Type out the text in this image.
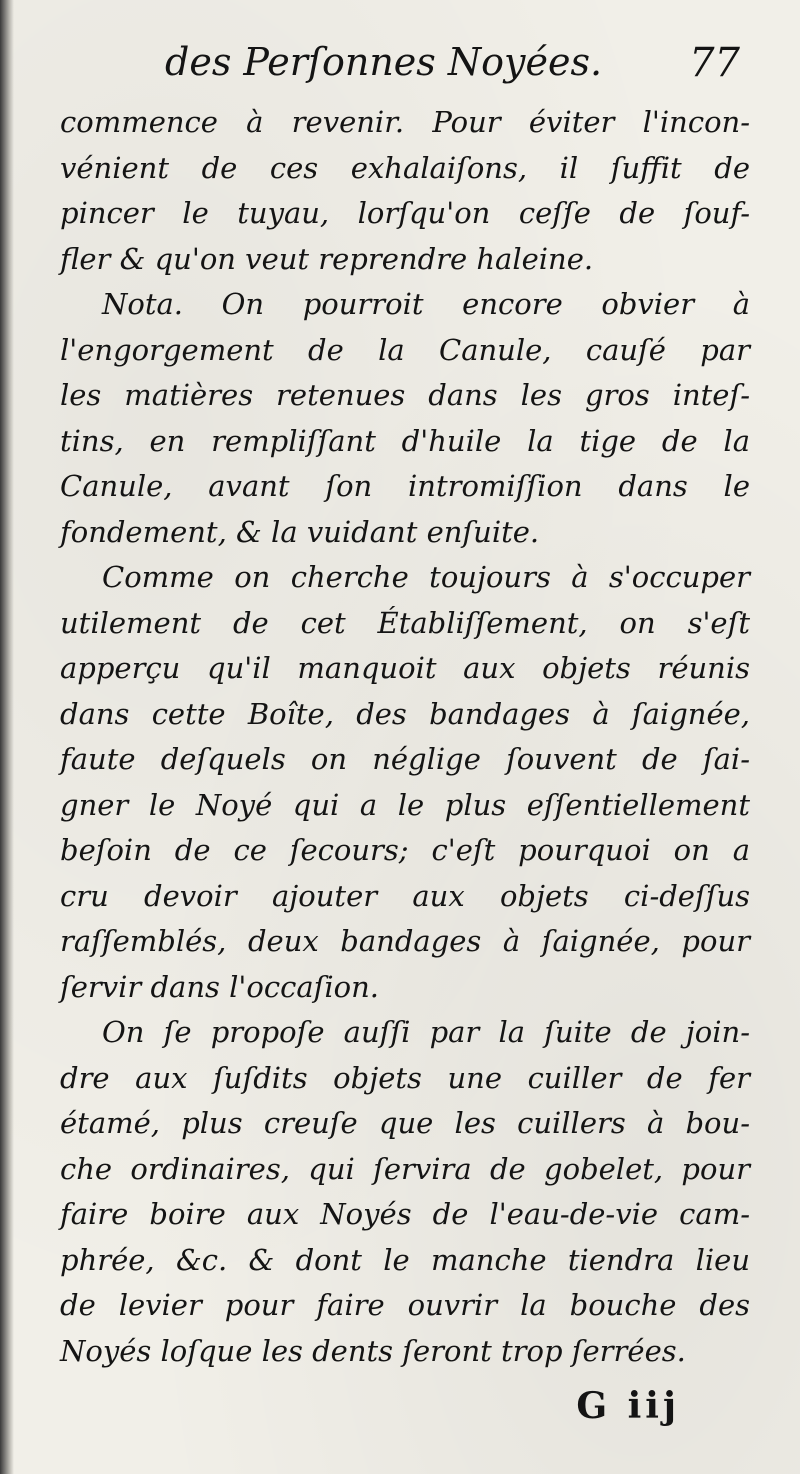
des Perſonnes Noyées. 77
commence à revenir. Pour éviter l'incon-
vénient de ces exhalaiſons, il ſuffit de
pincer le tuyau, lorſqu'on ceſſe de ſouf-
fler & qu'on veut reprendre haleine.
Nota. On pourroit encore obvier à
l'engorgement de la Canule, cauſé par
les matières retenues dans les gros inteſ-
tins, en rempliſſant d'huile la tige de la
Canule, avant ſon intromiſſion dans le
fondement, & la vuidant enſuite.
Comme on cherche toujours à s'occuper
utilement de cet Établiſſement, on s'eſt
apperçu qu'il manquoit aux objets réunis
dans cette Boîte, des bandages à ſaignée,
faute deſquels on néglige ſouvent de ſai-
gner le Noyé qui a le plus eſſentiellement
beſoin de ce ſecours; c'eſt pourquoi on a
cru devoir ajouter aux objets ci-deſſus
raſſemblés, deux bandages à ſaignée, pour
ſervir dans l'occaſion.
On ſe propoſe auſſi par la ſuite de join-
dre aux ſuſdits objets une cuiller de fer
étamé, plus creuſe que les cuillers à bou-
che ordinaires, qui ſervira de gobelet, pour
faire boire aux Noyés de l'eau-de-vie cam-
phrée, &c. & dont le manche tiendra lieu
de levier pour faire ouvrir la bouche des
Noyés loſque les dents ſeront trop ſerrées.
G iij
